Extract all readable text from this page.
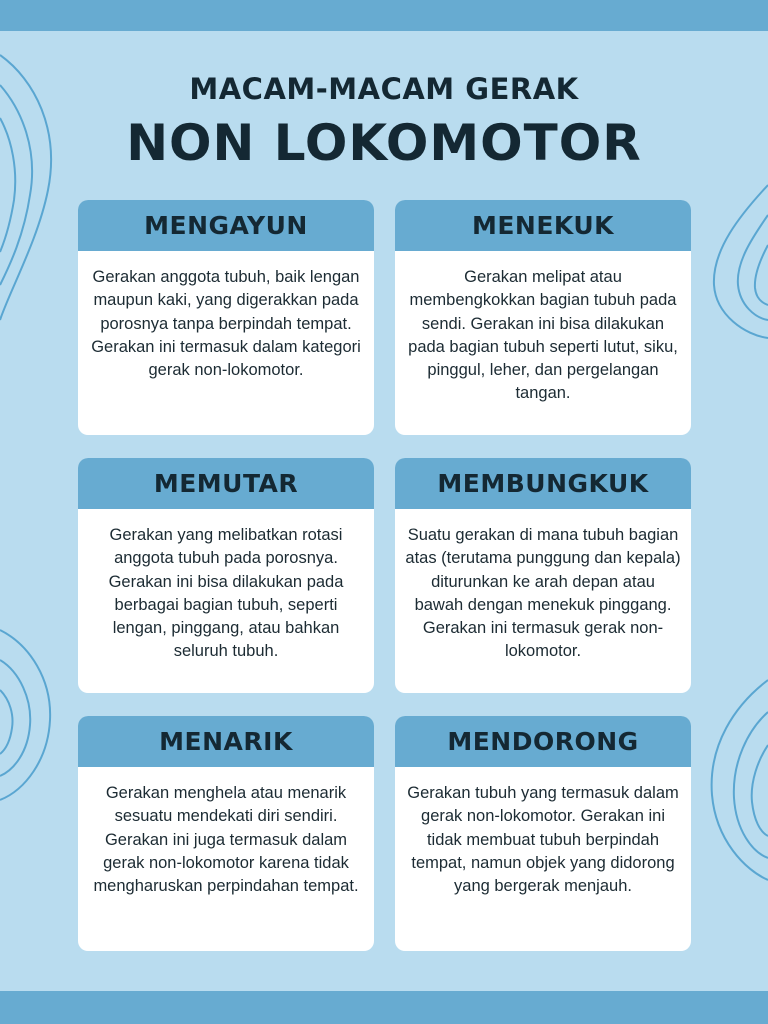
MACAM-MACAM GERAK
NON LOKOMOTOR
MENGAYUN
Gerakan anggota tubuh, baik lengan maupun kaki, yang digerakkan pada porosnya tanpa berpindah tempat. Gerakan ini termasuk dalam kategori gerak non-lokomotor.
MENEKUK
Gerakan melipat atau membengkokkan bagian tubuh pada sendi. Gerakan ini bisa dilakukan pada bagian tubuh seperti lutut, siku, pinggul, leher, dan pergelangan tangan.
MEMUTAR
Gerakan yang melibatkan rotasi anggota tubuh pada porosnya. Gerakan ini bisa dilakukan pada berbagai bagian tubuh, seperti lengan, pinggang, atau bahkan seluruh tubuh.
MEMBUNGKUK
Suatu gerakan di mana tubuh bagian atas (terutama punggung dan kepala) diturunkan ke arah depan atau bawah dengan menekuk pinggang. Gerakan ini termasuk gerak non-lokomotor.
MENARIK
Gerakan menghela atau menarik sesuatu mendekati diri sendiri. Gerakan ini juga termasuk dalam gerak non-lokomotor karena tidak mengharuskan perpindahan tempat.
MENDORONG
Gerakan tubuh yang termasuk dalam gerak non-lokomotor. Gerakan ini tidak membuat tubuh berpindah tempat, namun objek yang didorong yang bergerak menjauh.
